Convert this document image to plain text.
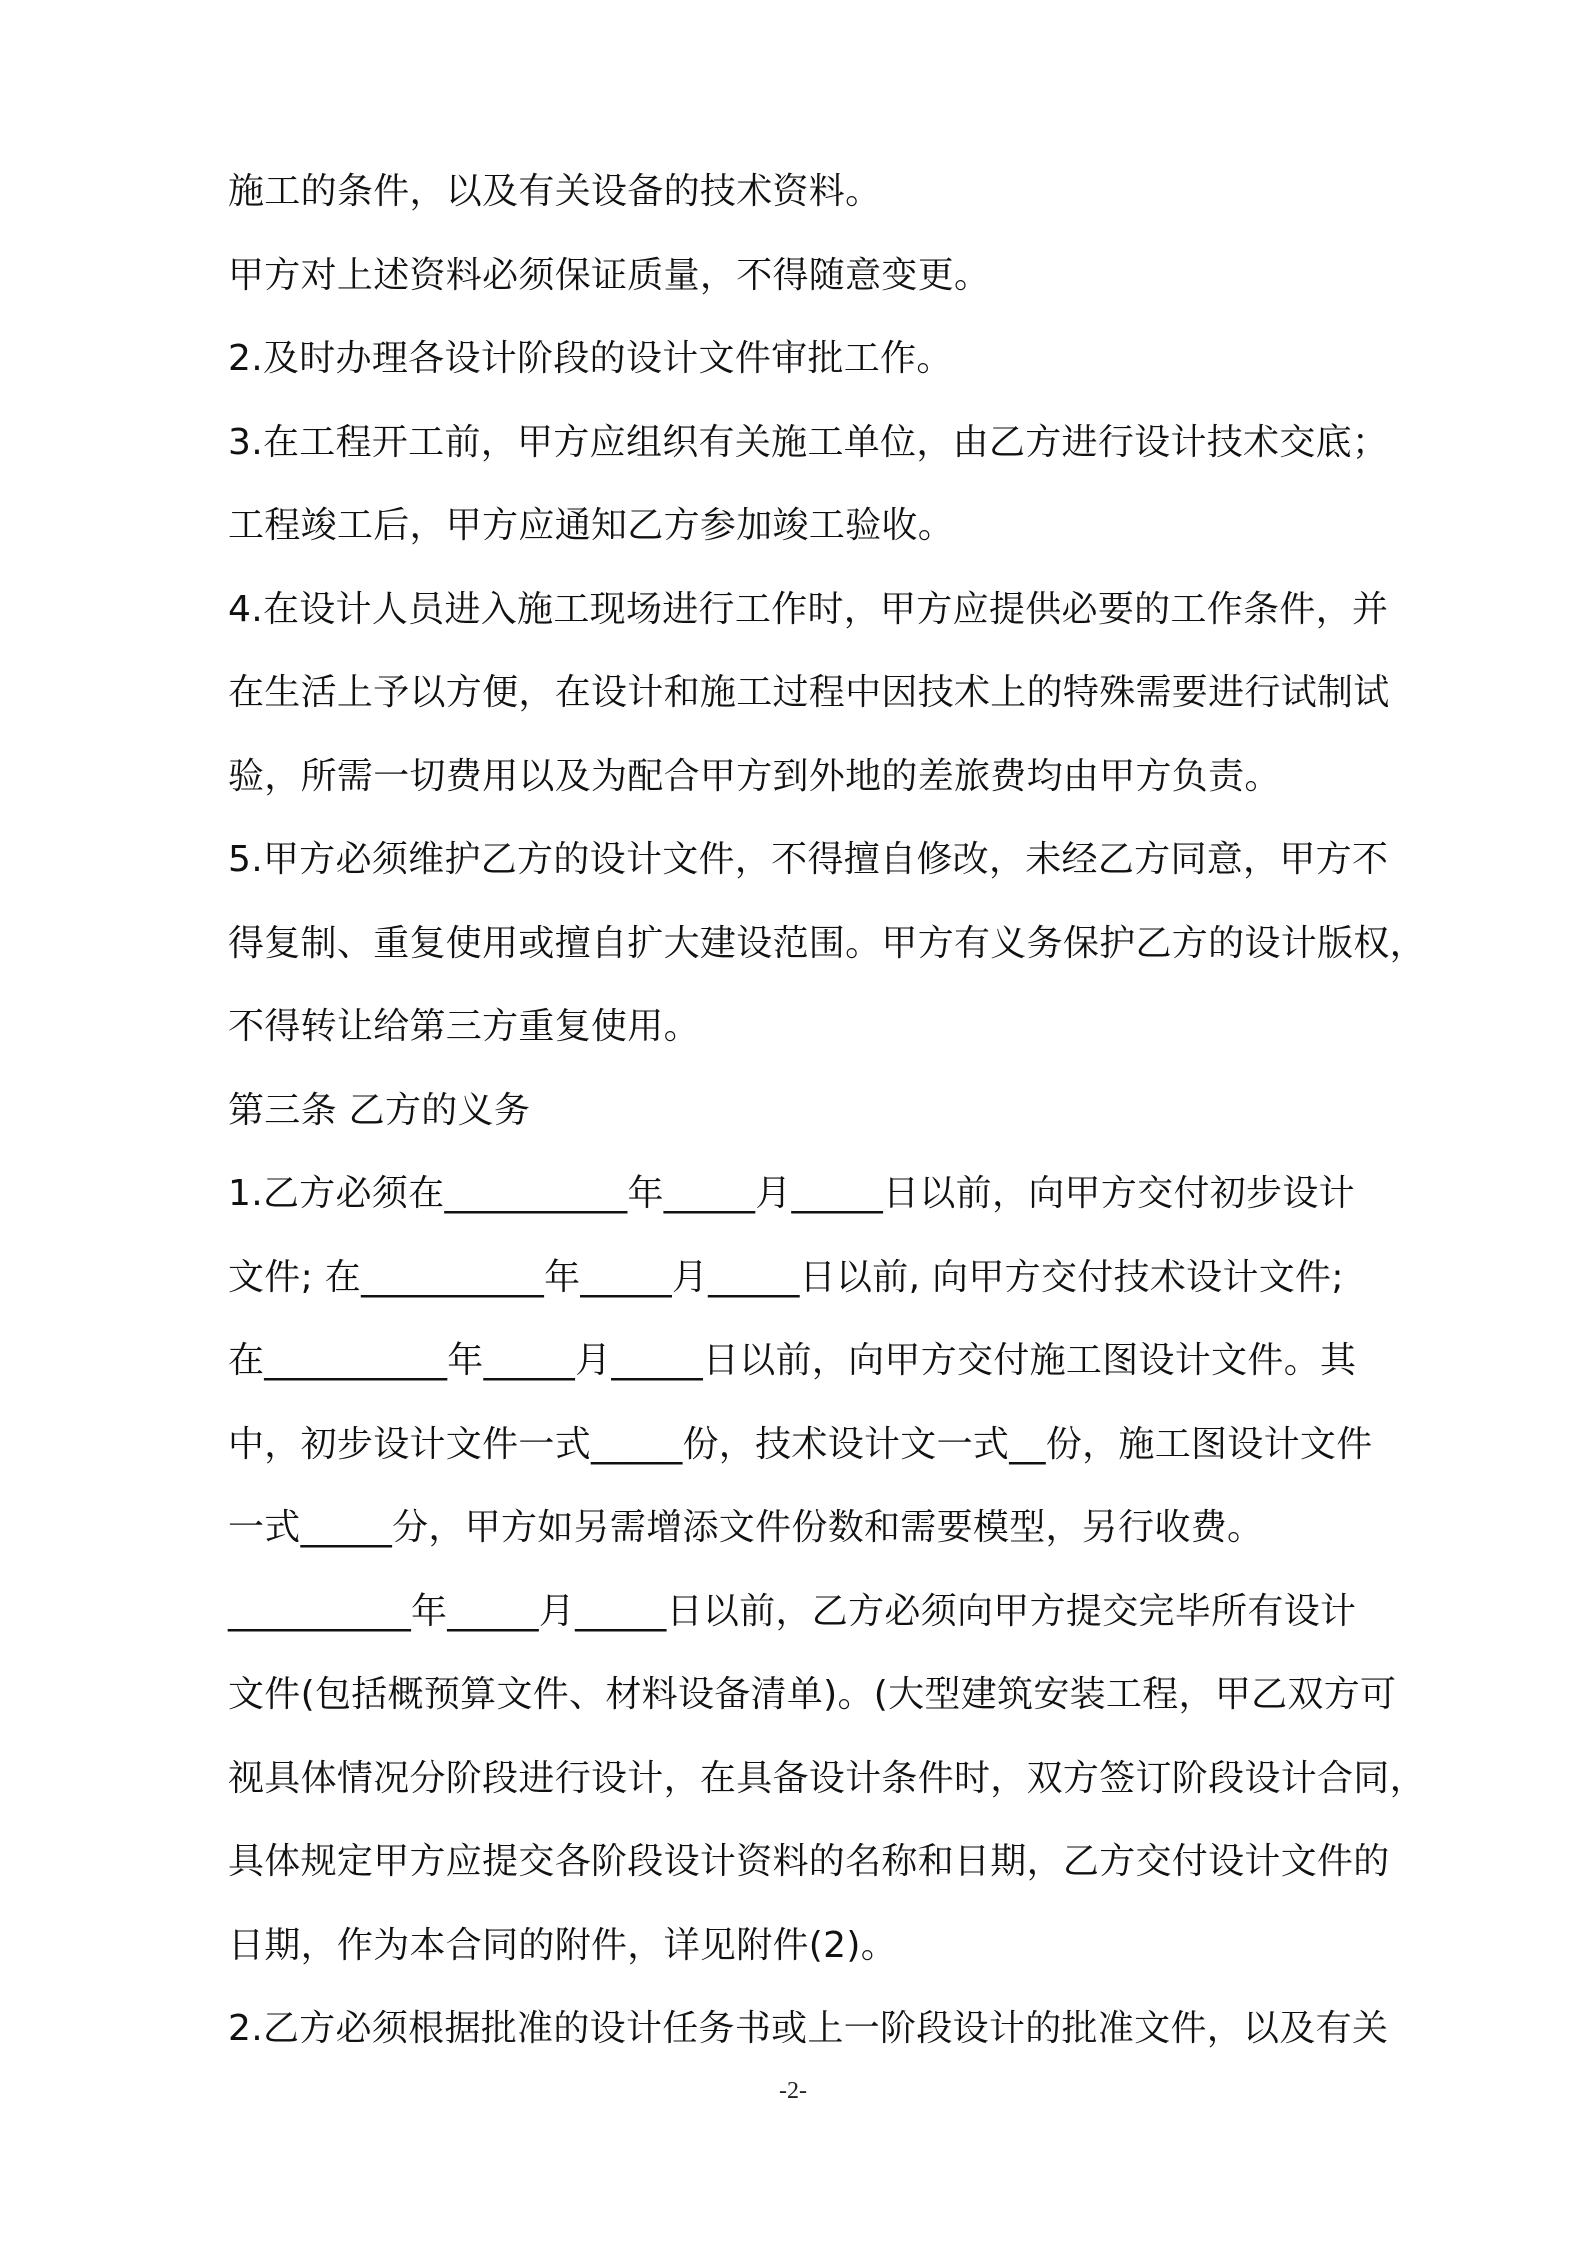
施工的条件，以及有关设备的技术资料。
甲方对上述资料必须保证质量，不得随意变更。
2.及时办理各设计阶段的设计文件审批工作。
3.在工程开工前，甲方应组织有关施工单位，由乙方进行设计技术交底；
工程竣工后，甲方应通知乙方参加竣工验收。
4.在设计人员进入施工现场进行工作时，甲方应提供必要的工作条件，并
在生活上予以方便，在设计和施工过程中因技术上的特殊需要进行试制试
验，所需一切费用以及为配合甲方到外地的差旅费均由甲方负责。
5.甲方必须维护乙方的设计文件，不得擅自修改，未经乙方同意，甲方不
得复制、重复使用或擅自扩大建设范围。甲方有义务保护乙方的设计版权，
不得转让给第三方重复使用。
第三条 乙方的义务
1.乙方必须在__________年_____月_____日以前，向甲方交付初步设计
文件; 在__________年_____月_____日以前, 向甲方交付技术设计文件;
在__________年_____月_____日以前，向甲方交付施工图设计文件。其
中，初步设计文件一式_____份，技术设计文一式__份，施工图设计文件
一式_____分，甲方如另需增添文件份数和需要模型，另行收费。
__________年_____月_____日以前，乙方必须向甲方提交完毕所有设计
文件(包括概预算文件、材料设备清单)。(大型建筑安装工程，甲乙双方可
视具体情况分阶段进行设计，在具备设计条件时，双方签订阶段设计合同，
具体规定甲方应提交各阶段设计资料的名称和日期，乙方交付设计文件的
日期，作为本合同的附件，详见附件(2)。
2.乙方必须根据批准的设计任务书或上一阶段设计的批准文件，以及有关
-2-
